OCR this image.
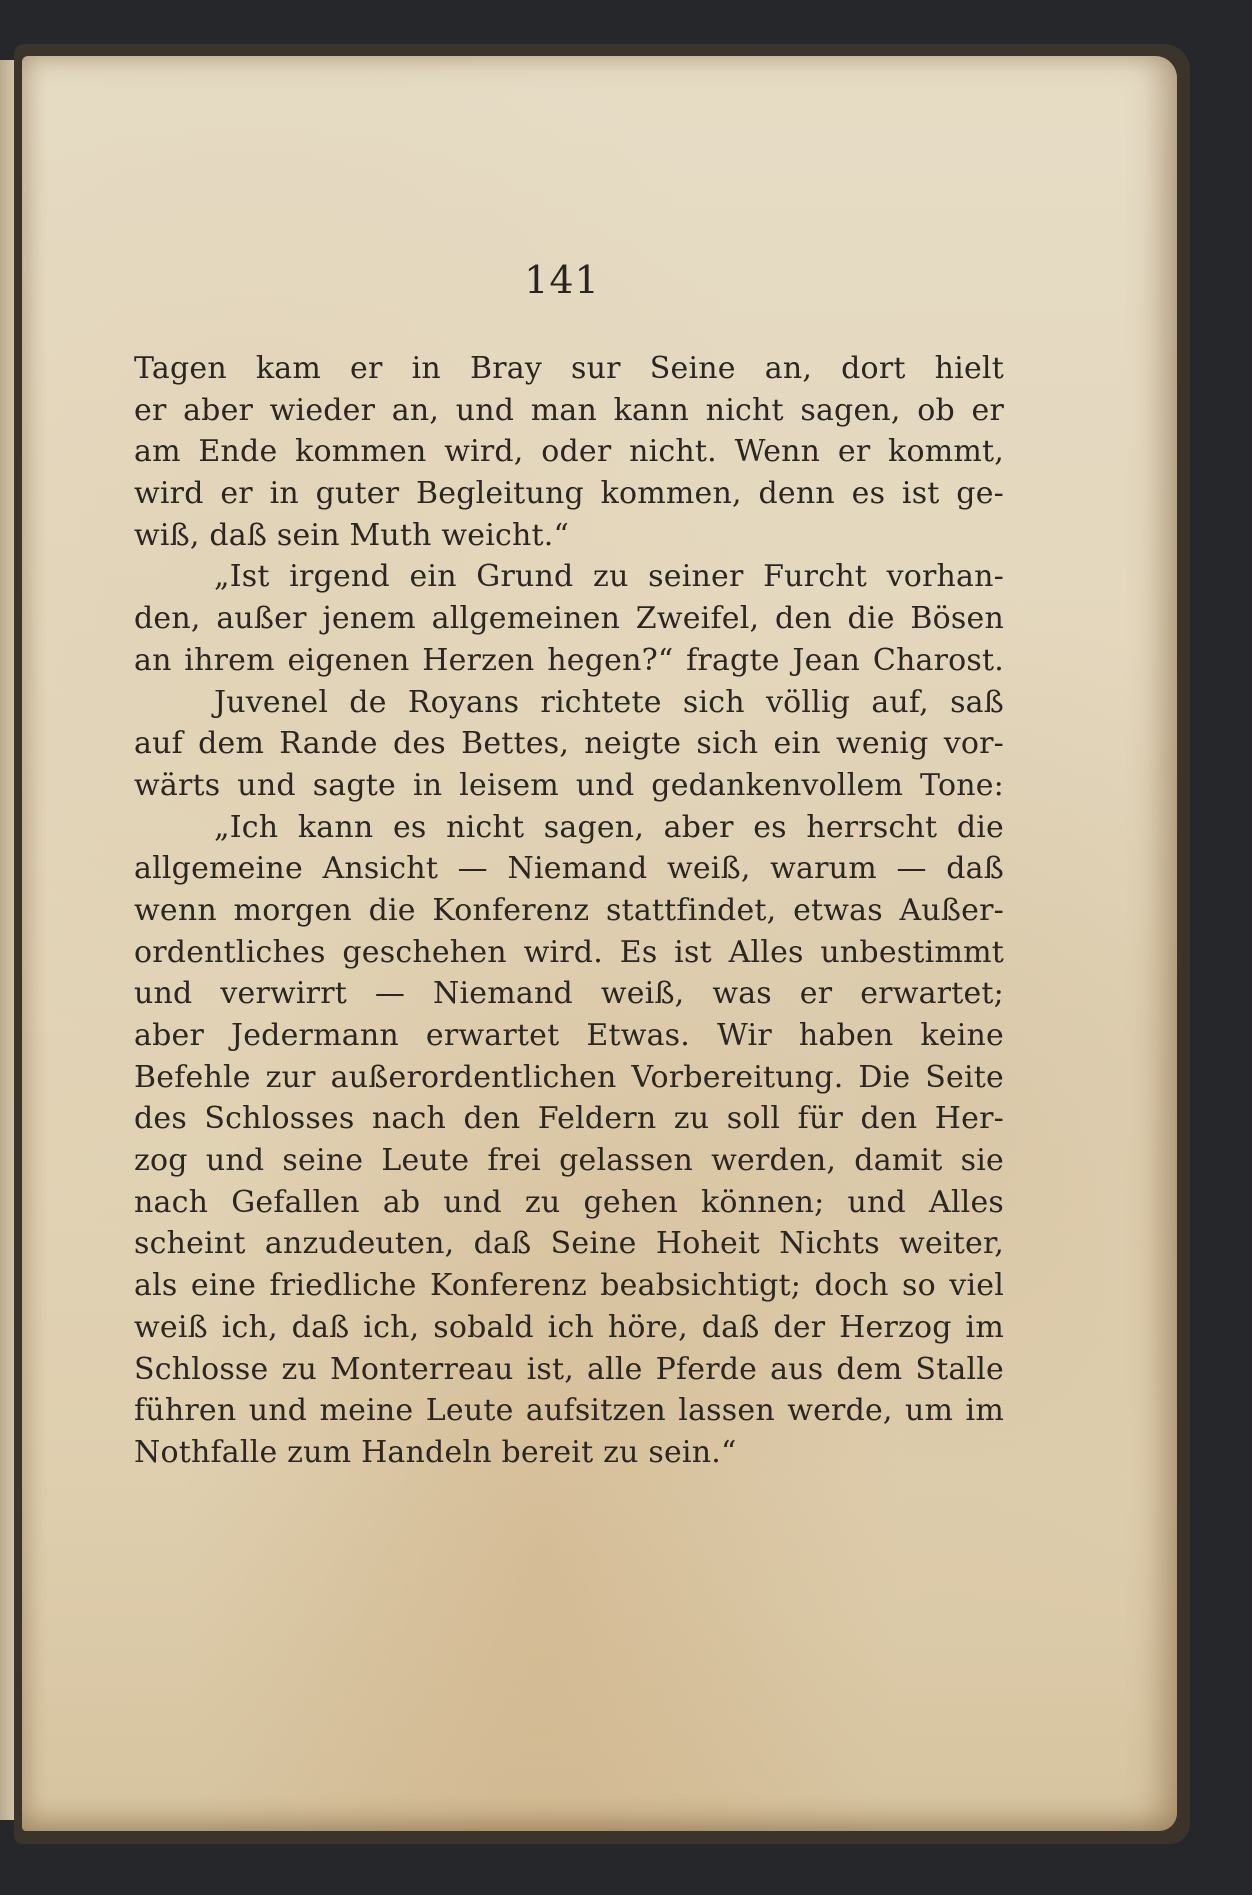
141
Tagen kam er in Bray sur Seine an, dort hielt
er aber wieder an, und man kann nicht sagen, ob er
am Ende kommen wird, oder nicht. Wenn er kommt,
wird er in guter Begleitung kommen, denn es ist ge-
wiß, daß sein Muth weicht.“
„Ist irgend ein Grund zu seiner Furcht vorhan-
den, außer jenem allgemeinen Zweifel, den die Bösen
an ihrem eigenen Herzen hegen?“ fragte Jean Charost.
Juvenel de Royans richtete sich völlig auf, saß
auf dem Rande des Bettes, neigte sich ein wenig vor-
wärts und sagte in leisem und gedankenvollem Tone:
„Ich kann es nicht sagen, aber es herrscht die
allgemeine Ansicht — Niemand weiß, warum — daß
wenn morgen die Konferenz stattfindet, etwas Außer-
ordentliches geschehen wird. Es ist Alles unbestimmt
und verwirrt — Niemand weiß, was er erwartet;
aber Jedermann erwartet Etwas. Wir haben keine
Befehle zur außerordentlichen Vorbereitung. Die Seite
des Schlosses nach den Feldern zu soll für den Her-
zog und seine Leute frei gelassen werden, damit sie
nach Gefallen ab und zu gehen können; und Alles
scheint anzudeuten, daß Seine Hoheit Nichts weiter,
als eine friedliche Konferenz beabsichtigt; doch so viel
weiß ich, daß ich, sobald ich höre, daß der Herzog im
Schlosse zu Monterreau ist, alle Pferde aus dem Stalle
führen und meine Leute aufsitzen lassen werde, um im
Nothfalle zum Handeln bereit zu sein.“
